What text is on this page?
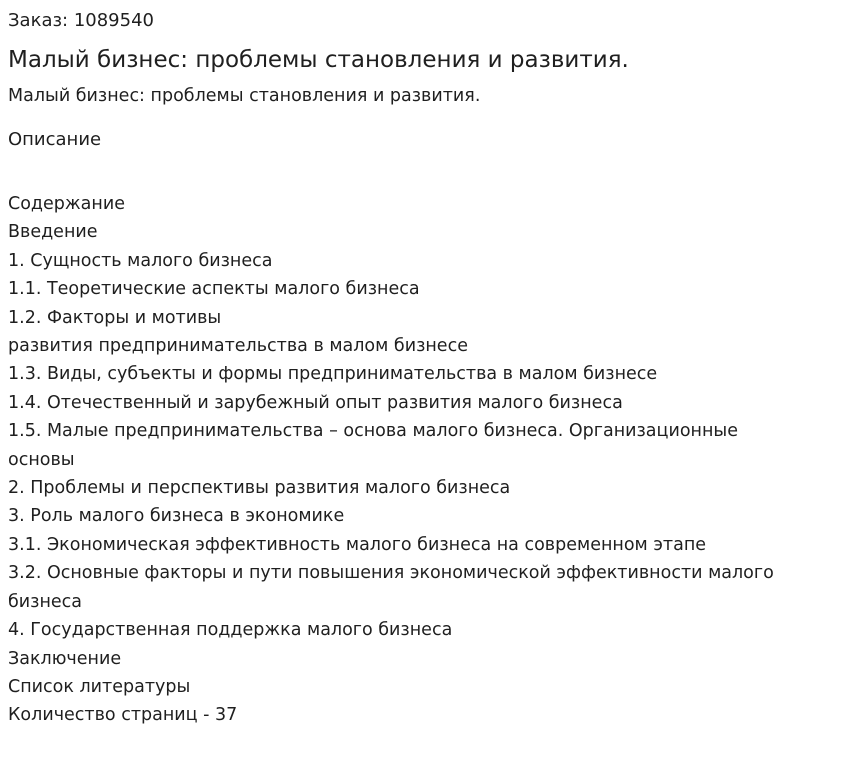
Заказ: 1089540

Малый бизнес: проблемы становления и развития.

Малый бизнес: проблемы становления и развития.

Описание

Содержание
Введение
1. Сущность малого бизнеса
1.1. Теоретические аспекты малого бизнеса
1.2. Факторы и мотивы
развития предпринимательства в малом бизнесе
1.3. Виды, субъекты и формы предпринимательства в малом бизнесе
1.4. Отечественный и зарубежный опыт развития малого бизнеса
1.5. Малые предпринимательства – основа малого бизнеса. Организационные
основы
2. Проблемы и перспективы развития малого бизнеса
3. Роль малого бизнеса в экономике
3.1. Экономическая эффективность малого бизнеса на современном этапе
3.2. Основные факторы и пути повышения экономической эффективности малого
бизнеса
4. Государственная поддержка малого бизнеса
Заключение
Список литературы
Количество страниц - 37
